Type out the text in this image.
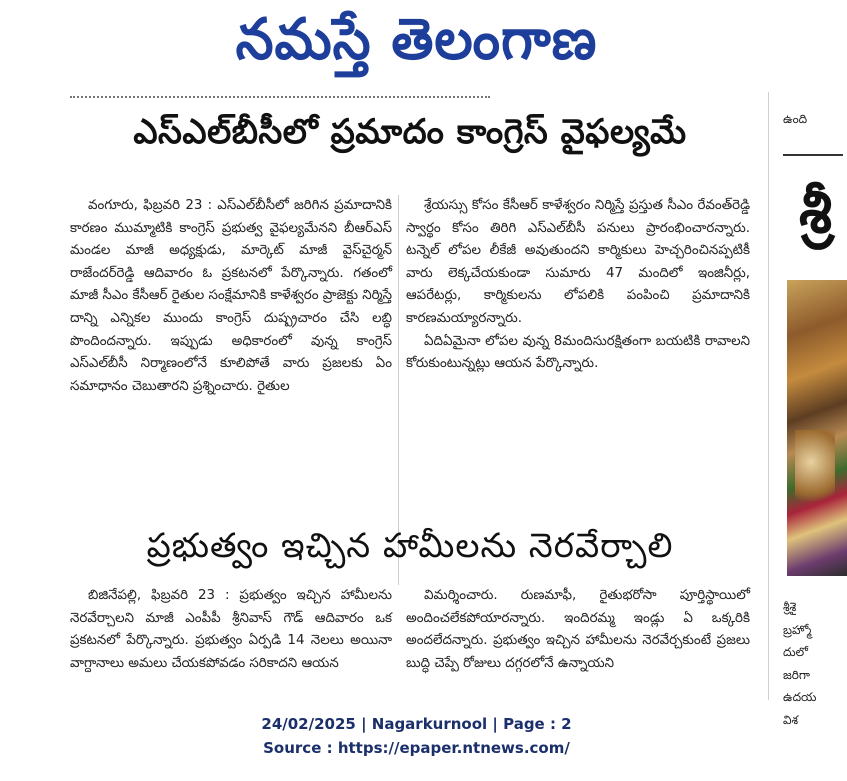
నమస్తే తెలంగాణ
ఎస్‌ఎల్‌బీసీలో ప్రమాదం కాంగ్రెస్ వైఫల్యమే

వంగూరు, ఫిబ్రవరి 23 : ఎస్ఎల్‌బీసీలో జరిగిన ప్రమాదానికి కారణం ముమ్మాటికి కాంగ్రెస్ ప్రభుత్వ వైఫల్యమేనని బీఆర్‌ఎస్ మండల మాజీ అధ్యక్షుడు, మార్కెట్ మాజీ వైస్‌చైర్మన్ రాజేందర్‌రెడ్డి ఆదివారం ఓ ప్రకటనలో పేర్కొన్నారు. గతంలో మాజీ సీఎం కేసీఆర్ రైతుల సంక్షేమానికి కాళేశ్వరం ప్రాజెక్టు నిర్మిస్తే దాన్ని ఎన్నికల ముందు కాంగ్రెస్ దుష్ప్రచారం చేసి లబ్ధి పొందిందన్నారు. ఇప్పుడు అధికారంలో వున్న కాంగ్రెస్ ఎస్‌ఎల్‌బీసీ నిర్మాణంలోనే కూలిపోతే వారు ప్రజలకు ఏం సమాధానం చెబుతారని ప్రశ్నించారు. రైతుల

శ్రేయస్సు కోసం కేసీఆర్ కాళేశ్వరం నిర్మిస్తే ప్రస్తుత సీఎం రేవంత్‌రెడ్డి స్వార్థం కోసం తిరిగి ఎస్‌ఎల్‌బీసీ పనులు ప్రారంభించారన్నారు. టన్నెల్ లోపల లీకేజీ అవుతుందని కార్మికులు హెచ్చరించినప్పటికీ వారు లెక్కచేయకుండా సుమారు 47 మందిలో ఇంజినీర్లు, ఆపరేటర్లు, కార్మికులను లోపలికి పంపించి ప్రమాదానికి కారణమయ్యారన్నారు.

ఏదిఏమైనా లోపల వున్న 8మందిసురక్షితంగా బయటికి రావాలని కోరుకుంటున్నట్లు ఆయన పేర్కొన్నారు.

ప్రభుత్వం ఇచ్చిన హామీలను నెరవేర్చాలి

బిజినేపల్లి, ఫిబ్రవరి 23 : ప్రభుత్వం ఇచ్చిన హామీలను నెరవేర్చాలని మాజీ ఎంపీపీ శ్రీనివాస్ గౌడ్ ఆదివారం ఒక ప్రకటనలో పేర్కొన్నారు. ప్రభుత్వం ఏర్పడి 14 నెలలు అయినా వాగ్దానాలు అమలు చేయకపోవడం సరికాదని ఆయన

విమర్శించారు. రుణమాఫీ, రైతుభరోసా పూర్తిస్థాయిలో అందించలేకపోయారన్నారు. ఇందిరమ్మ ఇండ్లు ఏ ఒక్కరికి అందలేదన్నారు. ప్రభుత్వం ఇచ్చిన హామీలను నెరవేర్చకుంటే ప్రజలు బుద్ధి చెప్పే రోజులు దగ్గరలోనే ఉన్నాయని

ఉంది
శ్రీ
శ్రీశై
బ్రహ్మో
దులో
జరిగా
ఉదయ
విశ
24/02/2025 | Nagarkurnool | Page : 2
Source : https://epaper.ntnews.com/
